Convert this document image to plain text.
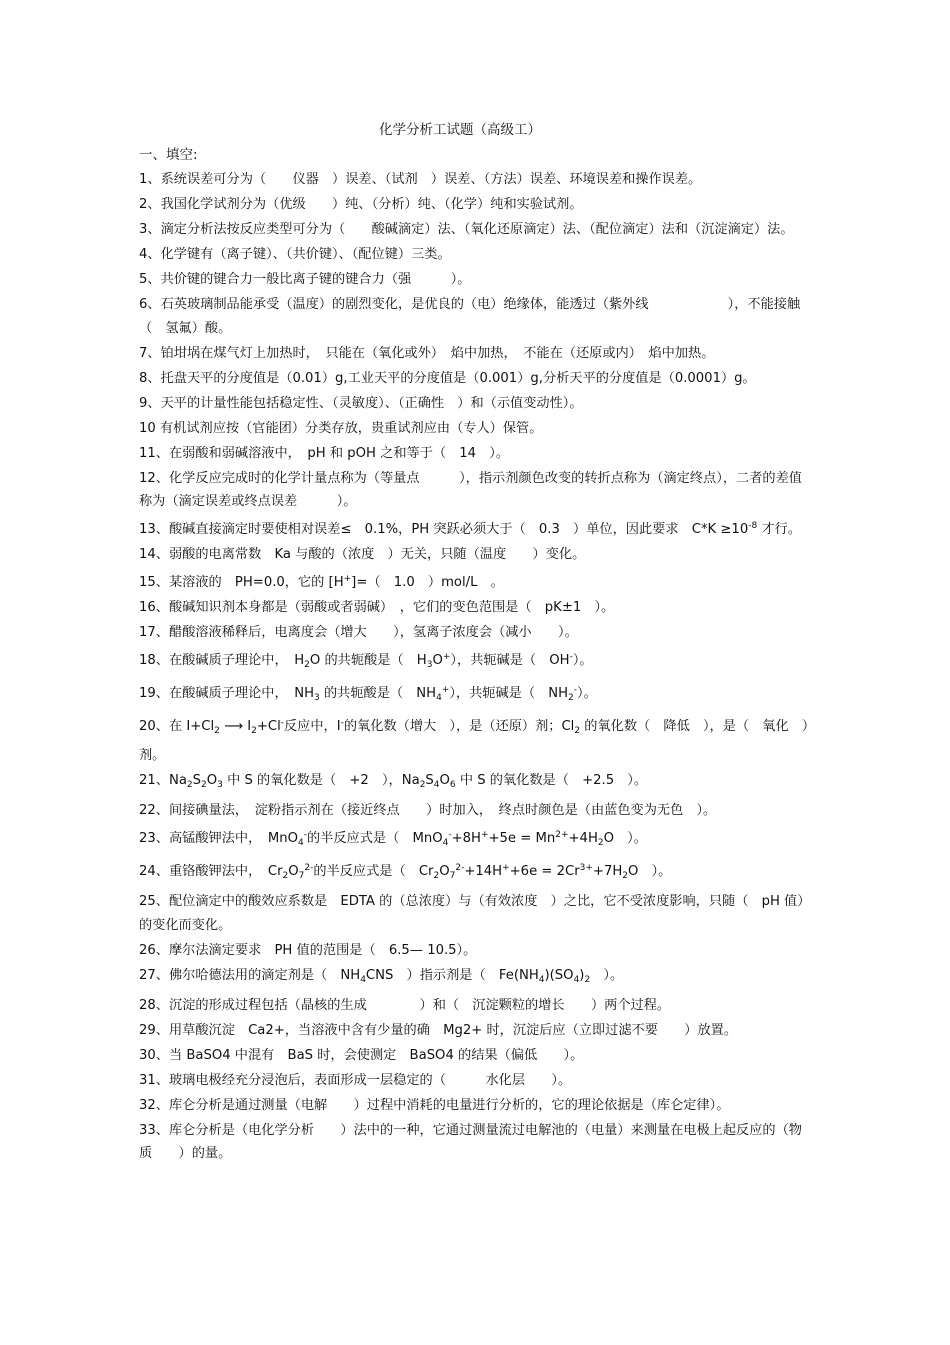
化学分析工试题（高级工）
一、填空:
1、系统误差可分为（　　仪器　）误差、（试剂　）误差、（方法）误差、环境误差和操作误差。
2、我国化学试剂分为（优级　　）纯、（分析）纯、（化学）纯和实验试剂。
3、滴定分析法按反应类型可分为（　　酸碱滴定）法、（氧化还原滴定）法、（配位滴定）法和（沉淀滴定）法。
4、化学键有（离子键）、（共价键）、（配位键）三类。
5、共价键的键合力一般比离子键的键合力（强　　　）。
6、石英玻璃制品能承受（温度）的剧烈变化，是优良的（电）绝缘体，能透过（紫外线　　　　　　），不能接触（　氢氟）酸。
7、铂坩埚在煤气灯上加热时，　只能在（氧化或外）　焰中加热，　不能在（还原或内）　焰中加热。
8、托盘天平的分度值是（0.01）g,工业天平的分度值是（0.001）g,分析天平的分度值是（0.0001）g。
9、天平的计量性能包括稳定性、（灵敏度）、（正确性　）和（示值变动性）。
10 有机试剂应按（官能团）分类存放，贵重试剂应由（专人）保管。
11、在弱酸和弱碱溶液中，　pH 和 pOH 之和等于（　14　）。
12、化学反应完成时的化学计量点称为（等量点　　　），指示剂颜色改变的转折点称为（滴定终点），二者的差值称为（滴定误差或终点误差　　　）。
13、酸碱直接滴定时要使相对误差≤　0.1%，PH 突跃必须大于（　0.3　）单位，因此要求　$C*K \ge 10^{-8}$ 才行。
14、弱酸的电离常数　Ka 与酸的（浓度　）无关，只随（温度　　）变化。
15、某溶液的　PH=0.0，它的 [H+]=（　1.0　）mol/L　。
16、酸碱知识剂本身都是（弱酸或者弱碱）　，它们的变色范围是（　pK±1　）。
17、醋酸溶液稀释后，电离度会（增大　　），氢离子浓度会（减小　　）。
18、在酸碱质子理论中，　$H_2O$ 的共轭酸是（　$H_3O^+$），共轭碱是（　OH-）。
19、在酸碱质子理论中，　$NH_3$ 的共轭酸是（　$NH_4^+$），共轭碱是（　$NH_2^-$）。
20、在 $I+Cl_2$ ⟶ $I_2+Cl^-$反应中，I-的氧化数（增大　），是（还原）剂；$Cl_2$ 的氧化数（　降低　），是（　氧化　）剂。
21、$Na_2S_2O_3$ 中 S 的氧化数是（　+2　），$Na_2S_4O_6$ 中 S 的氧化数是（　+2.5　）。
22、间接碘量法，　淀粉指示剂在（接近终点　　）时加入，　终点时颜色是（由蓝色变为无色　）。
23、高锰酸钾法中，　MnO$_4$-的半反应式是（　$MnO_4^-+8H^++5e = Mn^{2+}+4H_2O$　）。
24、重铬酸钾法中，　$Cr_2O_7^{2-}$的半反应式是（　$Cr_2O_7^{2-}+14H^++6e = 2Cr^{3+}+7H_2O$　）。
25、配位滴定中的酸效应系数是　EDTA 的（总浓度）与（有效浓度　）之比，它不受浓度影响，只随（　pH 值）的变化而变化。
26、摩尔法滴定要求　PH 值的范围是（　6.5— 10.5）。
27、佛尔哈德法用的滴定剂是（　$NH_4CNS$　）指示剂是（　$Fe(NH_4)(SO_4)_2$　）。
28、沉淀的形成过程包括（晶核的生成　　　　）和（　沉淀颗粒的增长　　）两个过程。
29、用草酸沉淀　Ca2+，当溶液中含有少量的确　Mg2+ 时，沉淀后应（立即过滤不要　　）放置。
30、当 BaSO4 中混有　BaS 时，会使测定　BaSO4 的结果（偏低　　）。
31、玻璃电极经充分浸泡后，表面形成一层稳定的（　　　水化层　　）。
32、库仑分析是通过测量（电解　　）过程中消耗的电量进行分析的，它的理论依据是（库仑定律）。
33、库仑分析是（电化学分析　　）法中的一种，它通过测量流过电解池的（电量）来测量在电极上起反应的（物质　　）的量。
